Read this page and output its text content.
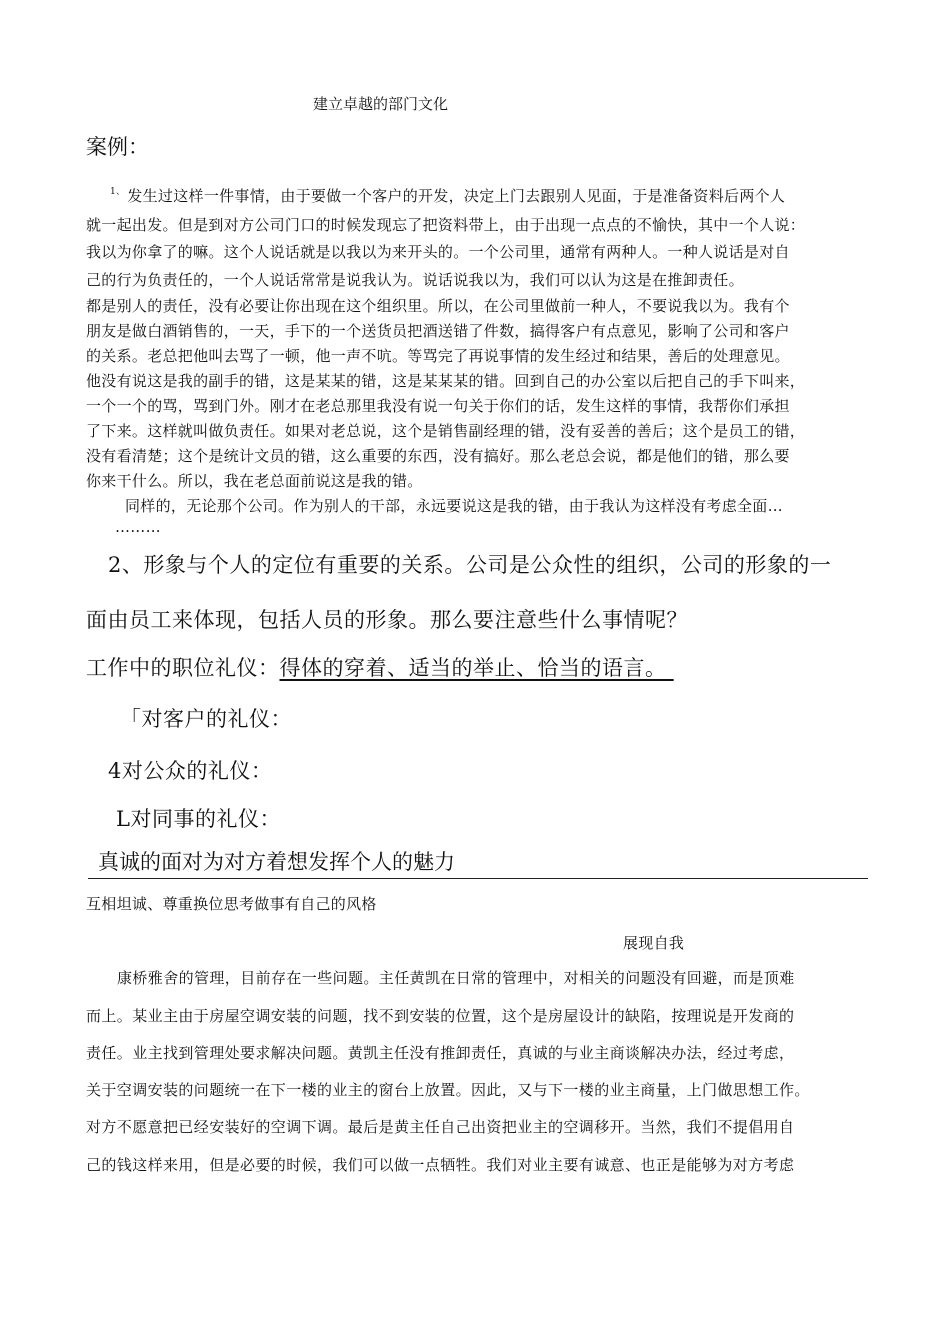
建立卓越的部门文化
案例：
$^{1、}$ 发生过这样一件事情，由于要做一个客户的开发，决定上门去跟别人见面，于是准备资料后两个人
就一起出发。但是到对方公司门口的时候发现忘了把资料带上，由于出现一点点的不愉快，其中一个人说：
我以为你拿了的嘛。这个人说话就是以我以为来开头的。一个公司里，通常有两种人。一种人说话是对自
己的行为负责任的，一个人说话常常是说我认为。说话说我以为，我们可以认为这是在推卸责任。
都是别人的责任，没有必要让你出现在这个组织里。所以，在公司里做前一种人，不要说我以为。我有个
朋友是做白酒销售的，一天，手下的一个送货员把酒送错了件数，搞得客户有点意见，影响了公司和客户
的关系。老总把他叫去骂了一顿，他一声不吭。等骂完了再说事情的发生经过和结果，善后的处理意见。
他没有说这是我的副手的错，这是某某的错，这是某某某的错。回到自己的办公室以后把自己的手下叫来，
一个一个的骂，骂到门外。刚才在老总那里我没有说一句关于你们的话，发生这样的事情，我帮你们承担
了下来。这样就叫做负责任。如果对老总说，这个是销售副经理的错，没有妥善的善后；这个是员工的错，
没有看清楚；这个是统计文员的错，这么重要的东西，没有搞好。那么老总会说，都是他们的错，那么要
你来干什么。所以，我在老总面前说这是我的错。
同样的，无论那个公司。作为别人的干部，永远要说这是我的错，由于我认为这样没有考虑全面…
………
2、形象与个人的定位有重要的关系。公司是公众性的组织，公司的形象的一
面由员工来体现，包括人员的形象。那么要注意些什么事情呢？
工作中的职位礼仪：得体的穿着、适当的举止、恰当的语言。
「对客户的礼仪：
4对公众的礼仪：
L对同事的礼仪：
真诚的面对为对方着想发挥个人的魅力
互相坦诚、尊重换位思考做事有自己的风格
展现自我
康桥雅舍的管理，目前存在一些问题。主任黄凯在日常的管理中，对相关的问题没有回避，而是顶难
而上。某业主由于房屋空调安装的问题，找不到安装的位置，这个是房屋设计的缺陷，按理说是开发商的
责任。业主找到管理处要求解决问题。黄凯主任没有推卸责任，真诚的与业主商谈解决办法，经过考虑，
关于空调安装的问题统一在下一楼的业主的窗台上放置。因此，又与下一楼的业主商量，上门做思想工作。
对方不愿意把已经安装好的空调下调。最后是黄主任自己出资把业主的空调移开。当然，我们不提倡用自
己的钱这样来用，但是必要的时候，我们可以做一点牺牲。我们对业主要有诚意、也正是能够为对方考虑
